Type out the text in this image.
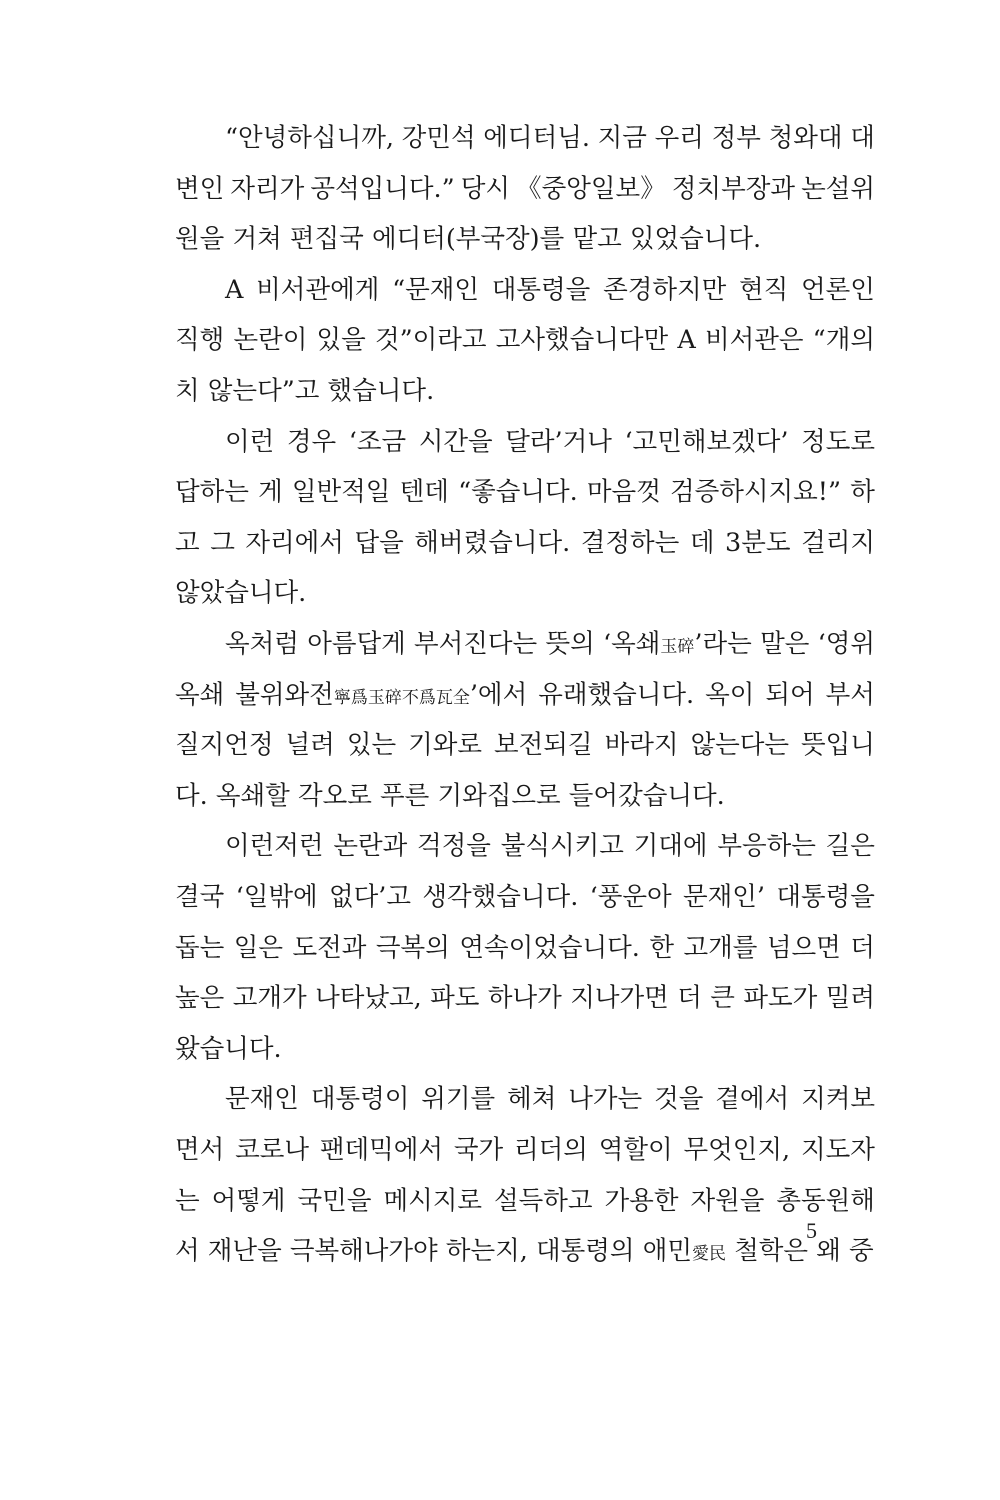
“안녕하십니까, 강민석 에디터님. 지금 우리 정부 청와대 대
변인 자리가 공석입니다.” 당시 《중앙일보》 정치부장과 논설위
원을 거쳐 편집국 에디터(부국장)를 맡고 있었습니다.
A 비서관에게 “문재인 대통령을 존경하지만 현직 언론인
직행 논란이 있을 것”이라고 고사했습니다만 A 비서관은 “개의
치 않는다”고 했습니다.
이런 경우 ‘조금 시간을 달라’거나 ‘고민해보겠다’ 정도로
답하는 게 일반적일 텐데 “좋습니다. 마음껏 검증하시지요!” 하
고 그 자리에서 답을 해버렸습니다. 결정하는 데 3분도 걸리지
않았습니다.
옥처럼 아름답게 부서진다는 뜻의 ‘옥쇄玉碎’라는 말은 ‘영위
옥쇄 불위와전寧爲玉碎不爲瓦全’에서 유래했습니다. 옥이 되어 부서
질지언정 널려 있는 기와로 보전되길 바라지 않는다는 뜻입니
다. 옥쇄할 각오로 푸른 기와집으로 들어갔습니다.
이런저런 논란과 걱정을 불식시키고 기대에 부응하는 길은
결국 ‘일밖에 없다’고 생각했습니다. ‘풍운아 문재인’ 대통령을
돕는 일은 도전과 극복의 연속이었습니다. 한 고개를 넘으면 더
높은 고개가 나타났고, 파도 하나가 지나가면 더 큰 파도가 밀려
왔습니다.
문재인 대통령이 위기를 헤쳐 나가는 것을 곁에서 지켜보
면서 코로나 팬데믹에서 국가 리더의 역할이 무엇인지, 지도자
는 어떻게 국민을 메시지로 설득하고 가용한 자원을 총동원해
서 재난을 극복해나가야 하는지, 대통령의 애민愛民 철학은 왜 중
5
